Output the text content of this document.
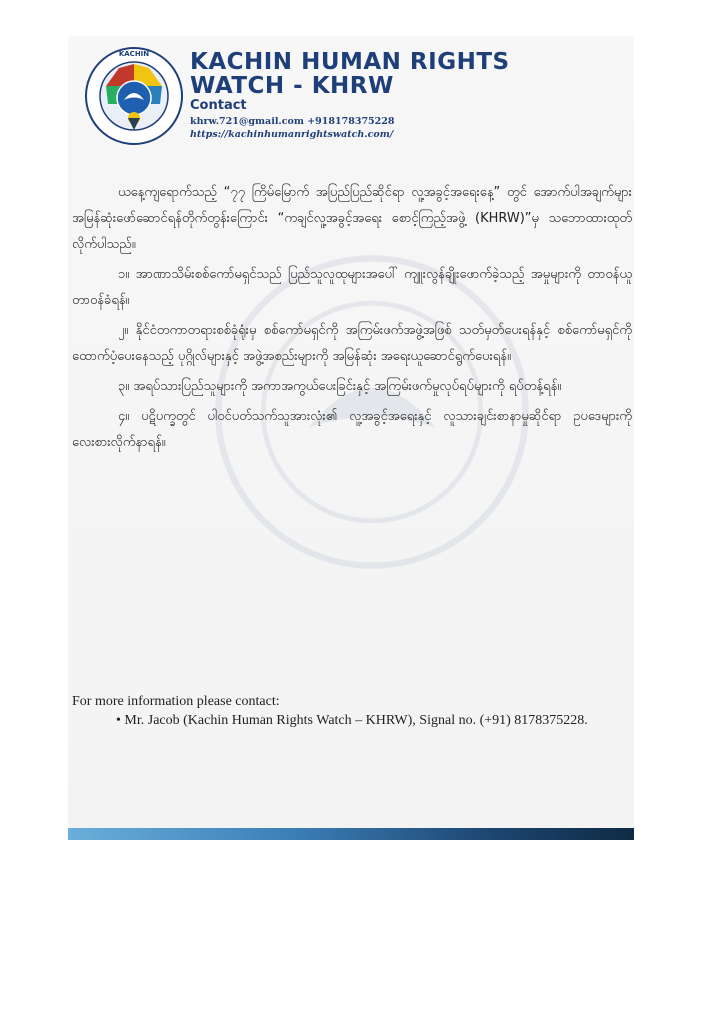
KACHIN KACHIN HUMAN RIGHTS
WATCH - KHRW
Contact
khrw.721@gmail.com +918178375228
https://kachinhumanrightswatch.com/

ယနေ့ကျရောက်သည့် “၇၇ ကြိမ်မြောက် အပြည်ပြည်ဆိုင်ရာ လူ့အခွင့်အရေးနေ့” တွင် အောက်ပါအချက်များ အမြန်ဆုံးဖော်ဆောင်ရန်တိုက်တွန်းကြောင်း “ကချင်လူ့အခွင့်အရေး စောင့်ကြည့်အဖွဲ့ (KHRW)”မှ သဘောထားထုတ်လိုက်ပါသည်။

၁။ အာဏာသိမ်းစစ်ကော်မရှင်သည် ပြည်သူလူထုများအပေါ် ကျူးလွန်ချိုးဖောက်ခဲ့သည့် အမှုများကို တာဝန်ယူ တာဝန်ခံရန်။

၂။ နိုင်ငံတကာတရားစစ်ခုံရုံးမှ စစ်ကော်မရှင်ကို အကြမ်းဖက်အဖွဲ့အဖြစ် သတ်မှတ်ပေးရန်နှင့် စစ်ကော်မရှင်ကို ထောက်ပံ့ပေးနေသည့် ပုဂ္ဂိုလ်များနှင့် အဖွဲ့အစည်းများကို အမြန်ဆုံး အရေးယူဆောင်ရွက်ပေးရန်။

၃။ အရပ်သားပြည်သူများကို အကာအကွယ်ပေးခြင်းနှင့် အကြမ်းဖက်မှုလုပ်ရပ်များကို ရပ်တန့်ရန်။

၄။ ပဋိပက္ခတွင် ပါဝင်ပတ်သက်သူအားလုံး၏ လူ့အခွင့်အရေးနှင့် လူသားချင်းစာနာမှုဆိုင်ရာ ဥပဒေများကို လေးစားလိုက်နာရန်။

For more information please contact:
• Mr. Jacob (Kachin Human Rights Watch – KHRW), Signal no. (+91) 8178375228.
